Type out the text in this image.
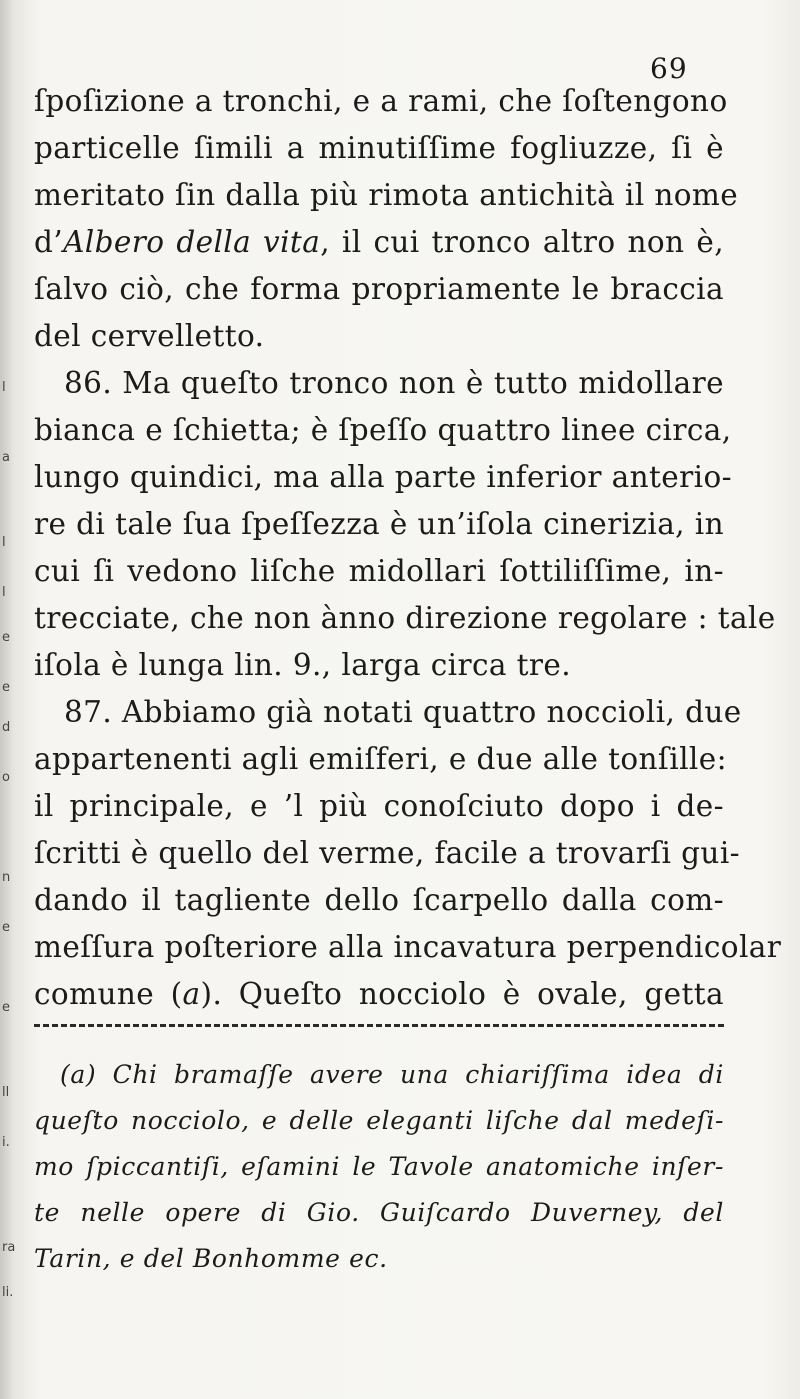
l
a
l
l
e
e
d
o
n
e
e
ll
i.
ra
li.
69
ſpoſizione a tronchi, e a rami, che ſoſtengono
particelle ſimili a minutiſſime fogliuzze, ſi è
meritato ſin dalla più rimota antichità il nome
d’Albero della vita, il cui tronco altro non è,
ſalvo ciò, che forma propriamente le braccia
del cervelletto.
86. Ma queſto tronco non è tutto midollare
bianca e ſchietta; è ſpeſſo quattro linee circa,
lungo quindici, ma alla parte inferior anterio-
re di tale ſua ſpeſſezza è un’iſola cinerizia, in
cui ſi vedono liſche midollari ſottiliſſime, in-
trecciate, che non ànno direzione regolare : tale
iſola è lunga lin. 9., larga circa tre.
87. Abbiamo già notati quattro noccioli, due
appartenenti agli emiſferi, e due alle tonſille:
il principale, e ’l più conoſciuto dopo i de-
ſcritti è quello del verme, facile a trovarſi gui-
dando il tagliente dello ſcarpello dalla com-
meſſura poſteriore alla incavatura perpendicolar
comune (a). Queſto nocciolo è ovale, getta
(a) Chi bramaſſe avere una chiariſſima idea di
queſto nocciolo, e delle eleganti liſche dal medeſi-
mo ſpiccantiſi, eſamini le Tavole anatomiche inſer-
te nelle opere di Gio. Guiſcardo Duverney, del
Tarin, e del Bonhomme ec.
